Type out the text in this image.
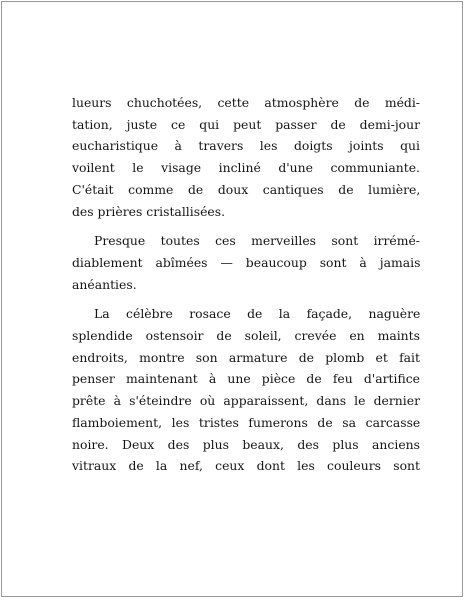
lueurs chuchotées, cette atmosphère de médi-
tation, juste ce qui peut passer de demi-jour
eucharistique à travers les doigts joints qui
voilent le visage incliné d'une communiante.
C'était comme de doux cantiques de lumière,
des prières cristallisées.
Presque toutes ces merveilles sont irrémé-
diablement abîmées — beaucoup sont à jamais
anéanties.
La célèbre rosace de la façade, naguère
splendide ostensoir de soleil, crevée en maints
endroits, montre son armature de plomb et fait
penser maintenant à une pièce de feu d'artifice
prête à s'éteindre où apparaissent, dans le dernier
flamboiement, les tristes fumerons de sa carcasse
noire. Deux des plus beaux, des plus anciens
vitraux de la nef, ceux dont les couleurs sont
